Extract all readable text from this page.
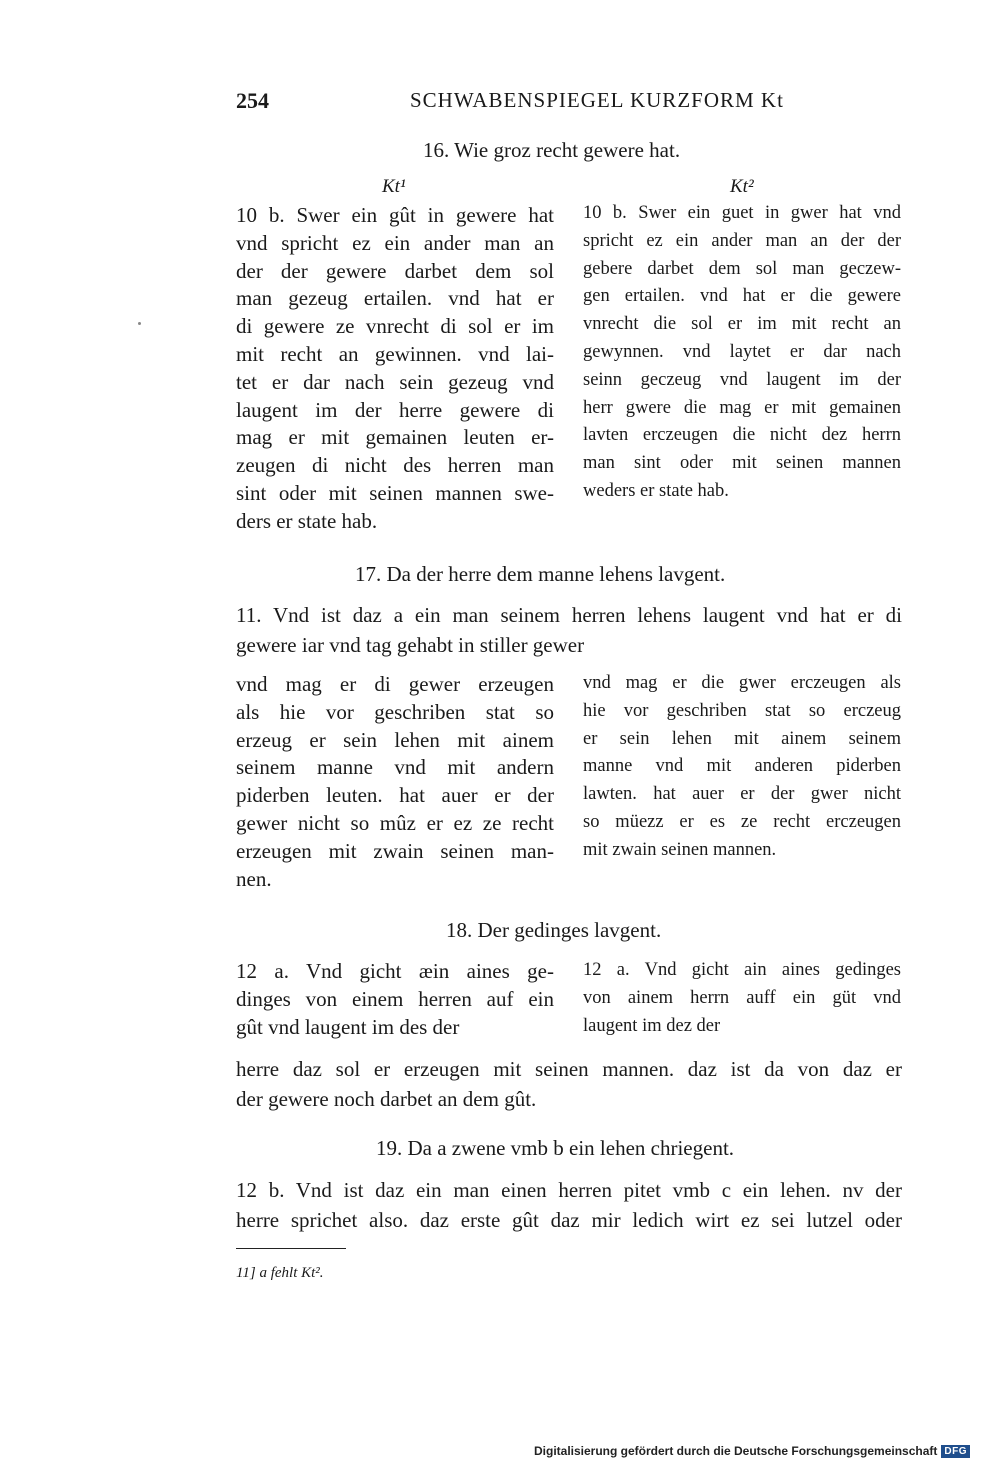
254	SCHWABENSPIEGEL KURZFORM Kt
16. Wie groz recht gewere hat.
Kt¹	Kt²
10 b. Swer ein gût in gewere hat
vnd spricht ez ein ander man an
der der gewere darbet dem sol
man gezeug ertailen. vnd hat er
di gewere ze vnrecht di sol er im
mit recht an gewinnen. vnd lai-
tet er dar nach sein gezeug vnd
laugent im der herre gewere di
mag er mit gemainen leuten er-
zeugen di nicht des herren man
sint oder mit seinen mannen swe-
ders er state hab.
10 b. Swer ein guet in gwer hat vnd
spricht ez ein ander man an der der
gebere darbet dem sol man geczew-
gen ertailen. vnd hat er die gewere
vnrecht die sol er im mit recht an
gewynnen. vnd laytet er dar nach
seinn geczeug vnd laugent im der
herr gwere die mag er mit gemainen
lavten erczeugen die nicht dez herrn
man sint oder mit seinen mannen
weders er state hab.
17. Da der herre dem manne lehens lavgent.
11. Vnd ist daz a ein man seinem herren lehens laugent vnd hat er di
gewere iar vnd tag gehabt in stiller gewer
vnd mag er di gewer erzeugen
als hie vor geschriben stat so
erzeug er sein lehen mit ainem
seinem manne vnd mit andern
piderben leuten. hat auer er der
gewer nicht so mûz er ez ze recht
erzeugen mit zwain seinen man-
nen.
vnd mag er die gwer erczeugen als
hie vor geschriben stat so erczeug
er sein lehen mit ainem seinem
manne vnd mit anderen piderben
lawten. hat auer er der gwer nicht
so müezz er es ze recht erczeugen
mit zwain seinen mannen.
18. Der gedinges lavgent.
12 a. Vnd gicht æin aines ge-
dinges von einem herren auf ein
gût vnd laugent im des der
12 a. Vnd gicht ain aines gedinges
von ainem herrn auff ein güt vnd
laugent im dez der
herre daz sol er erzeugen mit seinen mannen. daz ist da von daz er
der gewere noch darbet an dem gût.
19. Da a zwene vmb b ein lehen chriegent.
12 b. Vnd ist daz ein man einen herren pitet vmb c ein lehen. nv der
herre sprichet also. daz erste gût daz mir ledich wirt ez sei lutzel oder
11] a fehlt Kt².
Digitalisierung gefördert durch die Deutsche Forschungsgemeinschaft DFG
